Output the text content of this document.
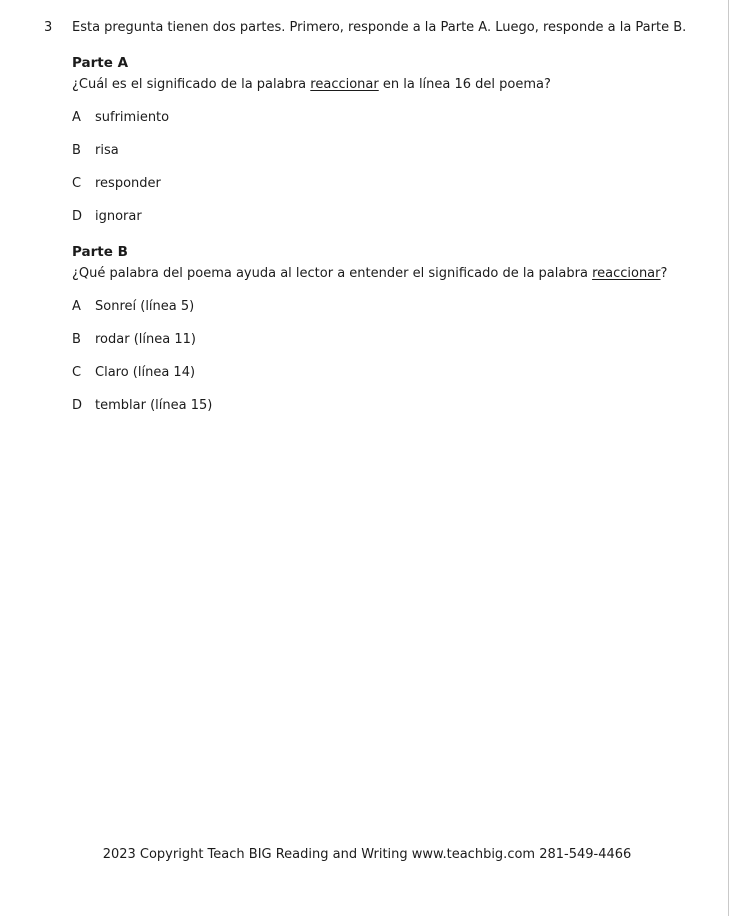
3	Esta pregunta tienen dos partes. Primero, responde a la Parte A. Luego, responde a la Parte B.

Parte A

¿Cuál es el significado de la palabra reaccionar en la línea 16 del poema?

A	sufrimiento
B	risa
C	responder
D ignorar
Parte B

¿Qué palabra del poema ayuda al lector a entender el significado de la palabra reaccionar?

A	Sonreí (línea 5)
B	rodar (línea 11)
C	Claro (línea 14)
D temblar (línea 15)
2023 Copyright Teach BIG Reading and Writing www.teachbig.com 281-549-4466
